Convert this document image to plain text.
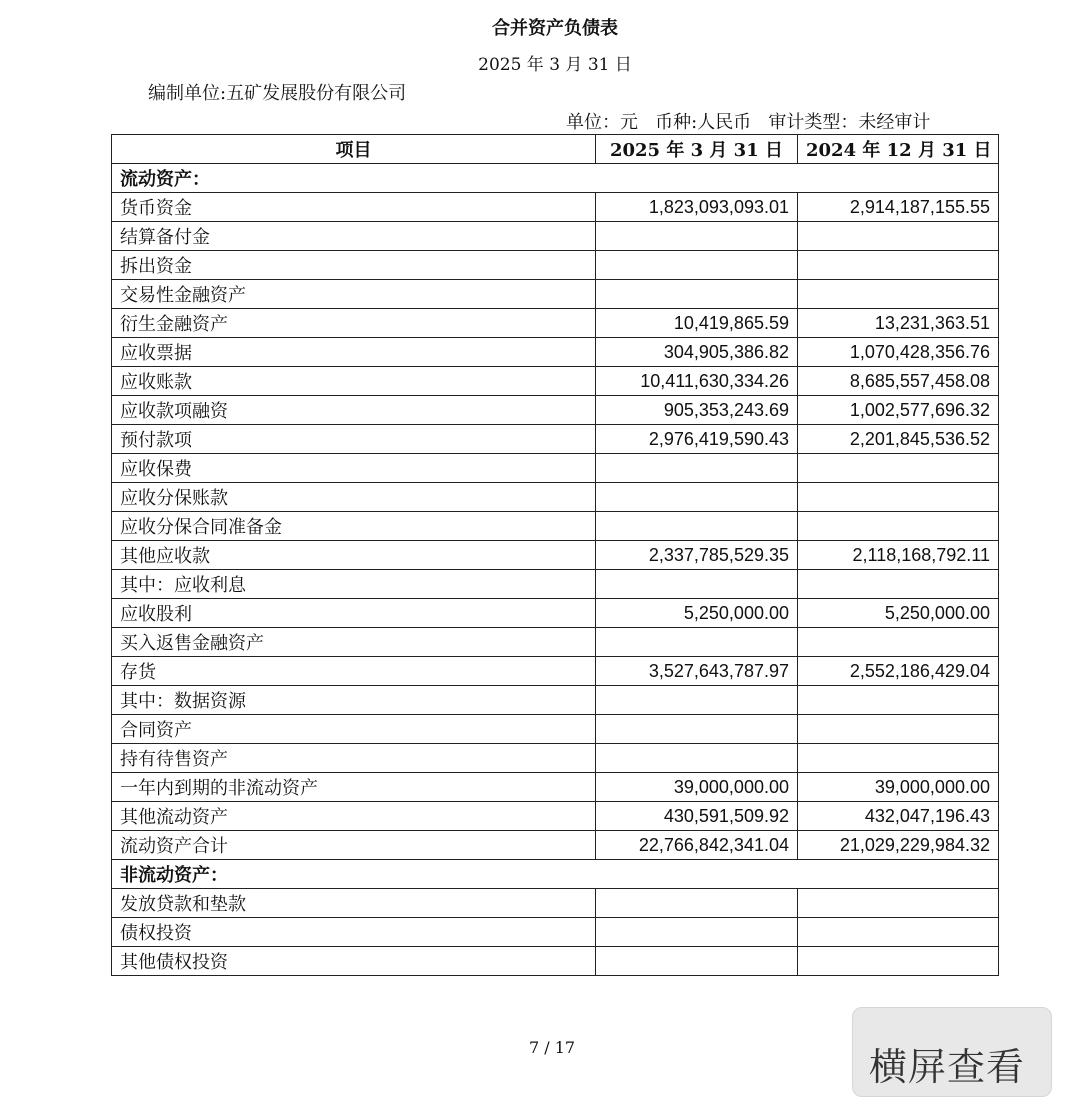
合并资产负债表
2025 年 3 月 31 日
编制单位:五矿发展股份有限公司
单位：元   币种:人民币   审计类型：未经审计
项目	2025 年 3 月 31 日	2024 年 12 月 31 日
流动资产：		
货币资金	1,823,093,093.01	2,914,187,155.55
结算备付金		
拆出资金		
交易性金融资产		
衍生金融资产	10,419,865.59	13,231,363.51
应收票据	304,905,386.82	1,070,428,356.76
应收账款	10,411,630,334.26	8,685,557,458.08
应收款项融资	905,353,243.69	1,002,577,696.32
预付款项	2,976,419,590.43	2,201,845,536.52
应收保费		
应收分保账款		
应收分保合同准备金		
其他应收款	2,337,785,529.35	2,118,168,792.11
其中：应收利息		
应收股利	5,250,000.00	5,250,000.00
买入返售金融资产		
存货	3,527,643,787.97	2,552,186,429.04
其中：数据资源		
合同资产		
持有待售资产		
一年内到期的非流动资产	39,000,000.00	39,000,000.00
其他流动资产	430,591,509.92	432,047,196.43
流动资产合计	22,766,842,341.04	21,029,229,984.32
非流动资产：		
发放贷款和垫款		
债权投资		
其他债权投资		
7 / 17	横屏查看
